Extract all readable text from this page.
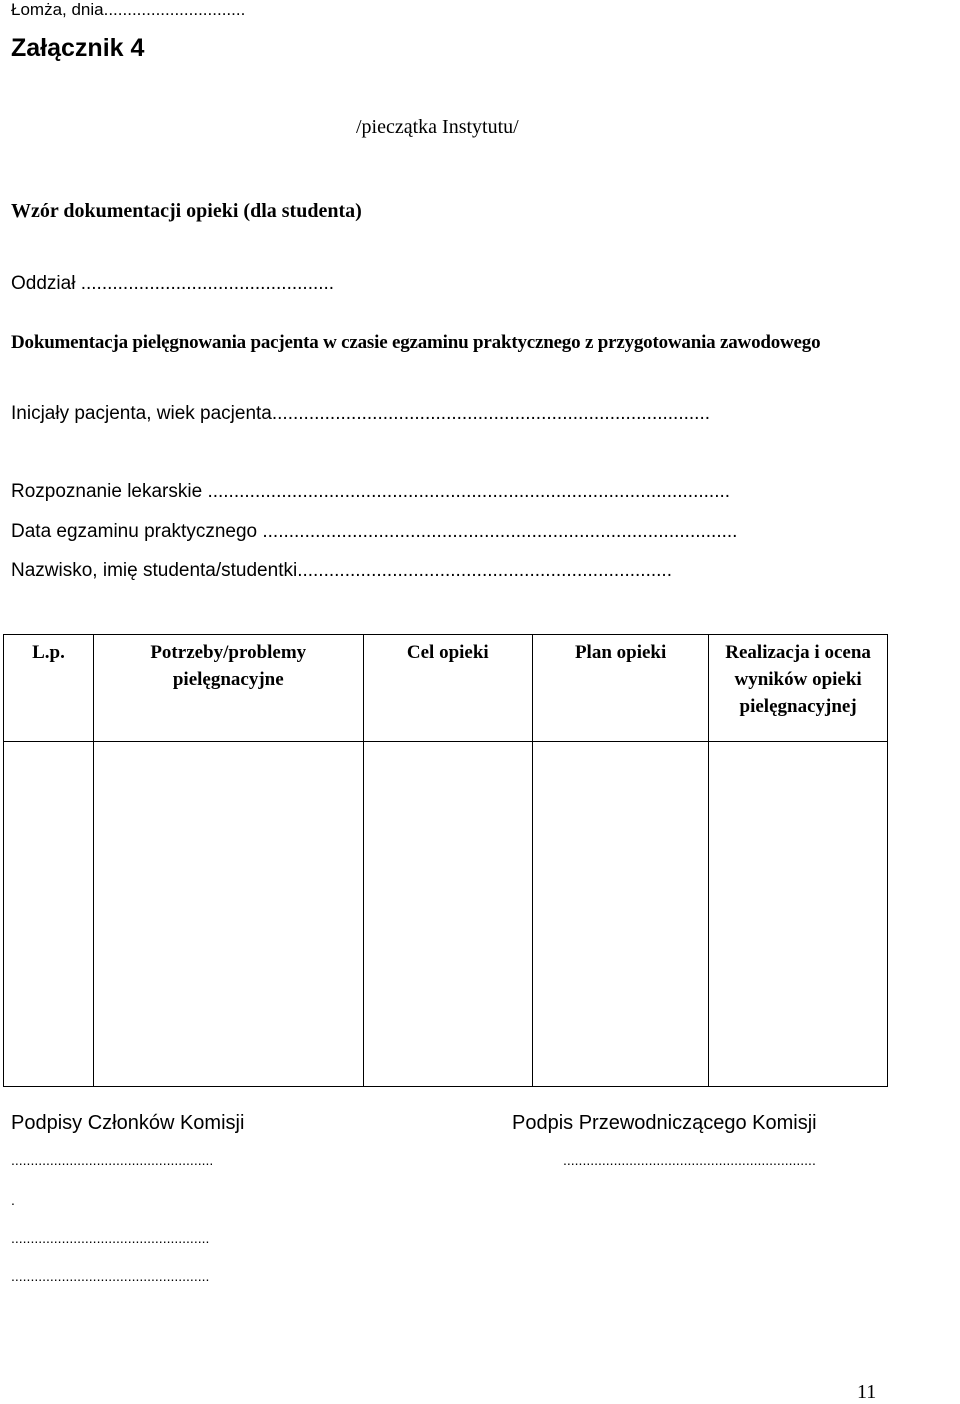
Łomża, dnia..............................
Załącznik 4
/pieczątka Instytutu/
Wzór dokumentacji opieki (dla studenta)
Oddział ................................................
Dokumentacja pielęgnowania pacjenta w czasie egzaminu praktycznego z przygotowania zawodowego
Inicjały pacjenta, wiek pacjenta...................................................................................
Rozpoznanie lekarskie ...................................................................................................
Data egzaminu praktycznego ..........................................................................................
Nazwisko, imię studenta/studentki.......................................................................
L.p.	Potrzeby/problemy pielęgnacyjne	Cel opieki	Plan opieki	Realizacja i ocena wyników opieki pielęgnacyjnej

Podpisy Członków Komisji	Podpis Przewodniczącego Komisji
....................................................	.................................................................
.
...................................................
...................................................
11
